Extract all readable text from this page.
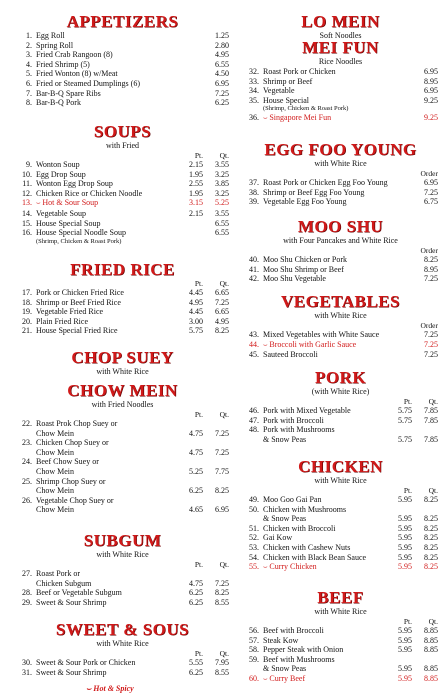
APPETIZERS
1. Egg Roll	1.25
2. Spring Roll	2.80
3. Fried Crab Rangoon (8)	4.95
4. Fried Shrimp (5)	6.55
5. Fried Wonton (8) w/Meat	4.50
6. Fried or Steamed Dumplings (6)	6.95
7. Bar-B-Q Spare Ribs	7.25
8. Bar-B-Q Pork	6.25
SOUPS
with Fried
Pt.	Qt.
9. Wonton Soup	2.15	3.55
10. Egg Drop Soup	1.95	3.25
11. Wonton Egg Drop Soup	2.55	3.85
12. Chicken Rice or Chicken Noodle	1.95	3.25
13. ⌣ Hot & Sour Soup	3.15	5.25
14. Vegetable Soup	2.15	3.55
15. House Special Soup	6.55
16. House Special Noodle Soup	6.55
(Shrimp, Chicken & Roast Pork)
FRIED RICE
Pt.	Qt.
17. Pork or Chicken Fried Rice	4.45	6.65
18. Shrimp or Beef Fried Rice	4.95	7.25
19. Vegetable Fried Rice	4.45	6.65
20. Plain Fried Rice	3.00	4.95
21. House Special Fried Rice	5.75	8.25
CHOP SUEY
with White Rice
CHOW MEIN
with Fried Noodles
Pt.	Qt.
22. Roast Prok Chop Suey or
Chow Mein	4.75	7.25
23. Chicken Chop Suey or
Chow Mein	4.75	7.25
24. Beef Chow Suey or
Chow Mein	5.25	7.75
25. Shrimp Chop Suey or
Chow Mein	6.25	8.25
26. Vegetable Chop Suey or
Chow Mein	4.65	6.95
SUBGUM
with White Rice
Pt.	Qt.
27. Roast Pork or
Chicken Subgum	4.75	7.25
28. Beef or Vegetable Subgum	6.25	8.25
29. Sweet & Sour Shrimp	6.25	8.55
SWEET & SOUS
with White Rice
Pt.	Qt.
30. Sweet & Sour Pork or Chicken	5.55	7.95
31. Sweet & Sour Shrimp	6.25	8.55
⌣ Hot & Spicy
LO MEIN
Soft Noodles
MEI FUN
Rice Noodles
32. Roast Pork or Chicken	6.95
33. Shrimp or Beef	8.95
34. Vegetable	6.95
35. House Special	9.25
(Shrimp, Chicken & Roast Pork)
36. ⌣ Singapore Mei Fun	9.25
EGG FOO YOUNG
with White Rice
Order
37. Roast Pork or Chicken Egg Foo Young	6.95
38. Shrimp or Beef Egg Foo Young	7.25
39. Vegetable Egg Foo Young	6.75
MOO SHU
with Four Pancakes and White Rice
Order
40. Moo Shu Chicken or Pork	8.25
41. Moo Shu Shrimp or Beef	8.95
42. Moo Shu Vegetable	7.25
VEGETABLES
with White Rice
Order
43. Mixed Vegetables with White Sauce	7.25
44. ⌣ Broccoli with Garlic Sauce	7.25
45. Sauteed Broccoli	7.25
PORK
(with White Rice)
Pt.	Qt.
46. Pork with Mixed Vegetable	5.75	7.85
47. Pork with Broccoli	5.75	7.85
48. Pork with Mushrooms
& Snow Peas	5.75	7.85
CHICKEN
with White Rice
Pt.	Qt.
49. Moo Goo Gai Pan	5.95	8.25
50. Chicken with Mushrooms
& Snow Peas	5.95	8.25
51. Chicken with Broccoli	5.95	8.25
52. Gai Kow	5.95	8.25
53. Chicken with Cashew Nuts	5.95	8.25
54. Chicken with Black Bean Sauce	5.95	8.25
55. ⌣ Curry Chicken	5.95	8.25
BEEF
with White Rice
Pt.	Qt.
56. Beef with Broccoli	5.95	8.85
57. Steak Kow	5.95	8.85
58. Pepper Steak with Onion	5.95	8.85
59. Beef with Mushrooms
& Snow Peas	5.95	8.85
60. ⌣ Curry Beef	5.95	8.85
